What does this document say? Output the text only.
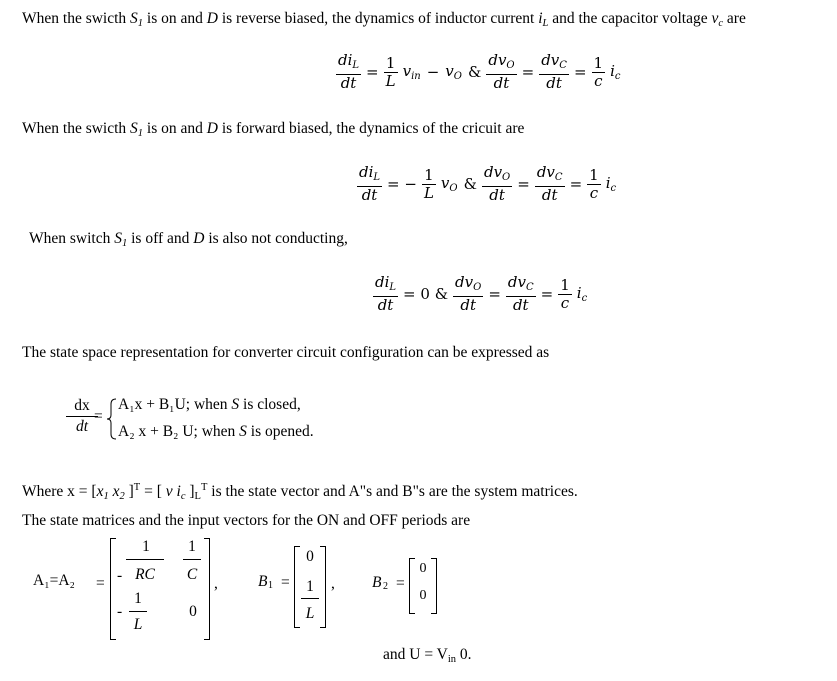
When the swicth $S_1$ is on and D is reverse biased, the dynamics of inductor current $i_L$ and the capacitor voltage $v_c$ are
$\frac{di_L}{dt} = \frac{1}{L} v_{in} - v_O$ & $\frac{dv_O}{dt} = \frac{dv_C}{dt} = \frac{1}{c} i_c$
When the swicth $S_1$ is on and D is forward biased, the dynamics of the cricuit are
$\frac{di_L}{dt}$ = − $\frac{1}{L} v_O$ & $\frac{dv_O}{dt} = \frac{dv_C}{dt} = \frac{1}{c} i_c$
When switch $S_1$ is off and D is also not conducting,
$\frac{di_L}{dt} = 0$ & $\frac{dv_O}{dt} = \frac{dv_C}{dt} = \frac{1}{c} i_c$
The state space representation for converter circuit configuration can be expressed as
dx
dt
=
A₁x + B₁U; when S is closed,
A₂ x + B₂ U; when S is opened.
Where $x = [x_1$ $x_2$ ]$^T$ = [ v $i_c$ ]$_L^T$ is the state vector and A"s and B"s are the system matrices.
The state matrices and the input vectors for the ON and OFF periods are
A₁=A₂ = -
1
RC
1
C
-
1
L
0
,	B 1 =
0
1
L
, B 2 =
0
0
and $U = V_{in}$ 0.
